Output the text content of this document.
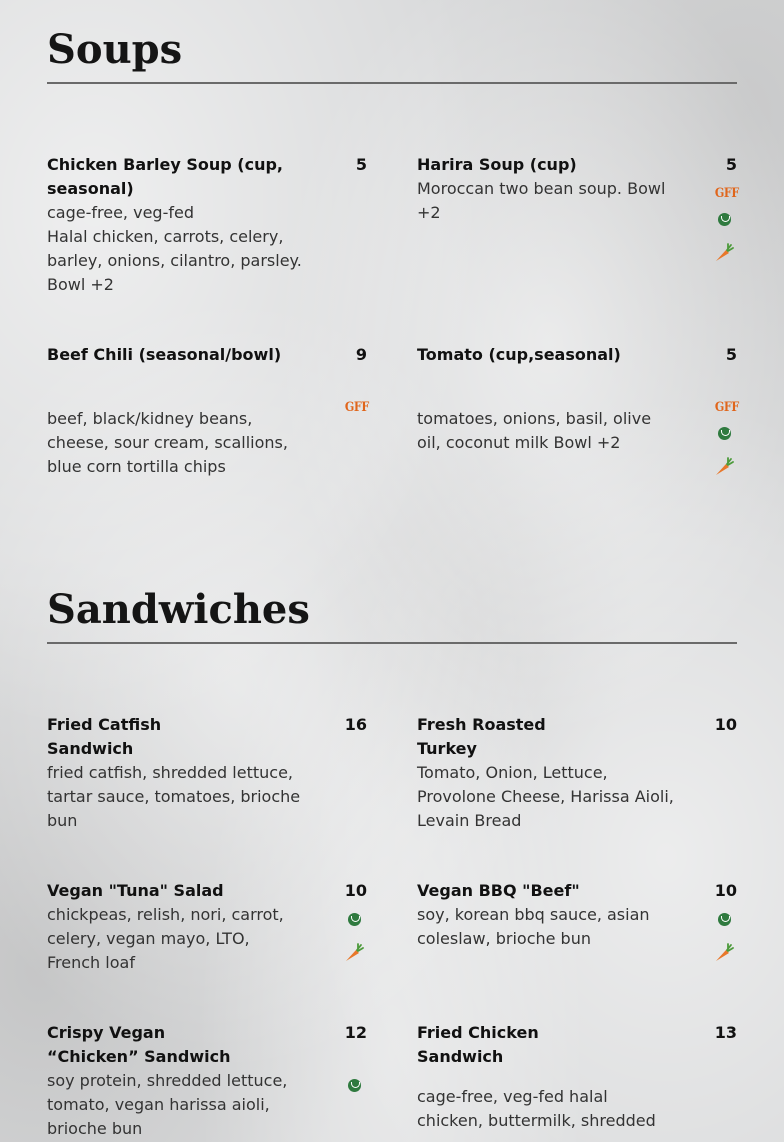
Soups
Chicken Barley Soup (cup, seasonal)
5
cage-free, veg-fed
Halal chicken, carrots, celery, barley, onions, cilantro, parsley. Bowl +2
Harira Soup (cup)	5
Moroccan two bean soup. Bowl +2
GFF
Beef Chili (seasonal/bowl)	9
GFF
beef, black/kidney beans, cheese, sour cream, scallions, blue corn tortilla chips
Tomato (cup,seasonal)	5
GFF
tomatoes, onions, basil, olive oil, coconut milk Bowl +2
Sandwiches
Fried Catfish Sandwich
16
fried catfish, shredded lettuce, tartar sauce, tomatoes, brioche bun
Fresh Roasted Turkey
10
Tomato, Onion, Lettuce, Provolone Cheese, Harissa Aioli, Levain Bread
Vegan "Tuna" Salad	10
chickpeas, relish, nori, carrot, celery, vegan mayo, LTO, French loaf
Vegan BBQ "Beef"	10
soy, korean bbq sauce, asian coleslaw, brioche bun
Crispy Vegan “Chicken” Sandwich
12
soy protein, shredded lettuce, tomato, vegan harissa aioli, brioche bun
Fried Chicken Sandwich
13
cage-free, veg-fed halal chicken, buttermilk, shredded
